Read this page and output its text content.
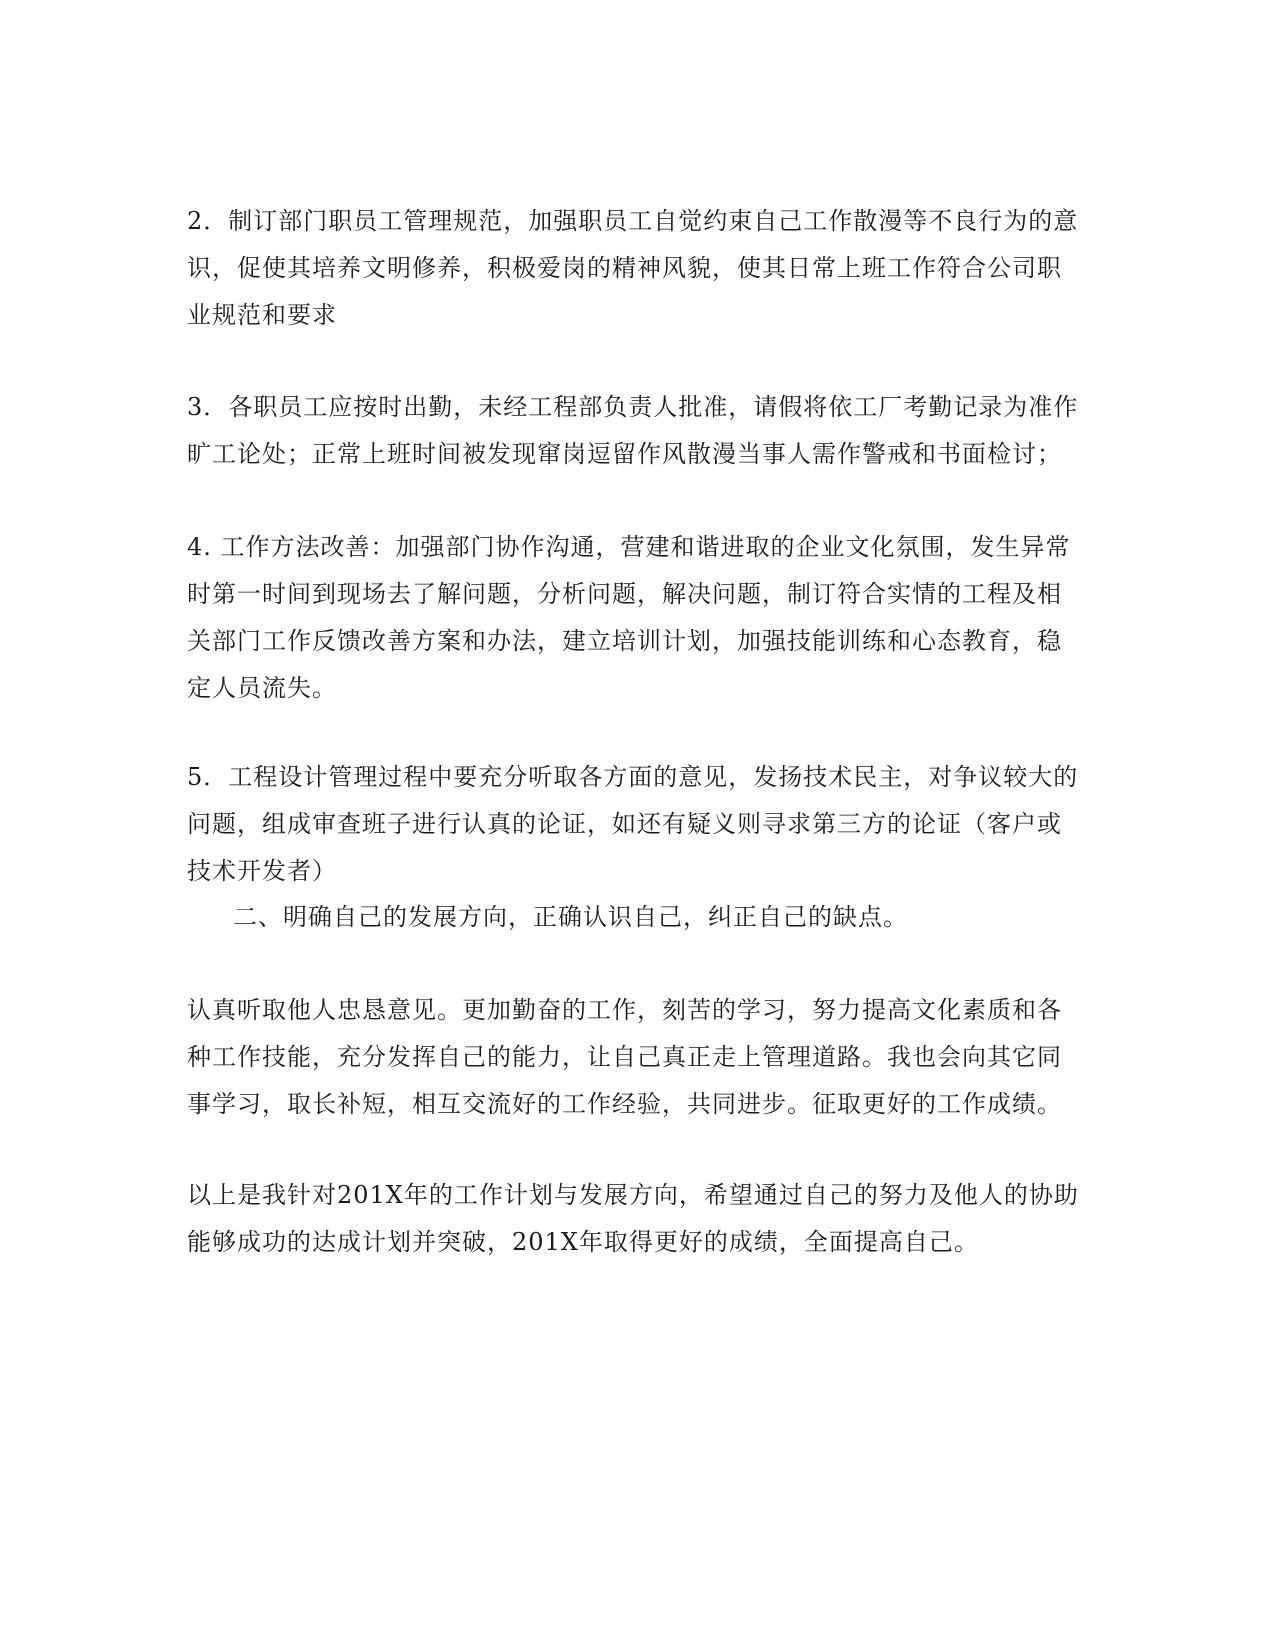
2．制订部门职员工管理规范，加强职员工自觉约束自己工作散漫等不良行为的意
识，促使其培养文明修养，积极爱岗的精神风貌，使其日常上班工作符合公司职
业规范和要求
3．各职员工应按时出勤，未经工程部负责人批准，请假将依工厂考勤记录为准作
旷工论处；正常上班时间被发现窜岗逗留作风散漫当事人需作警戒和书面检讨；
4. 工作方法改善：加强部门协作沟通，营建和谐进取的企业文化氛围，发生异常
时第一时间到现场去了解问题，分析问题，解决问题，制订符合实情的工程及相
关部门工作反馈改善方案和办法，建立培训计划，加强技能训练和心态教育，稳
定人员流失。
5．工程设计管理过程中要充分听取各方面的意见，发扬技术民主，对争议较大的
问题，组成审查班子进行认真的论证，如还有疑义则寻求第三方的论证（客户或
技术开发者）
二、明确自己的发展方向，正确认识自己，纠正自己的缺点。
认真听取他人忠恳意见。更加勤奋的工作，刻苦的学习，努力提高文化素质和各
种工作技能，充分发挥自己的能力，让自己真正走上管理道路。我也会向其它同
事学习，取长补短，相互交流好的工作经验，共同进步。征取更好的工作成绩。
以上是我针对201X年的工作计划与发展方向，希望通过自己的努力及他人的协助
能够成功的达成计划并突破，201X年取得更好的成绩，全面提高自己。
